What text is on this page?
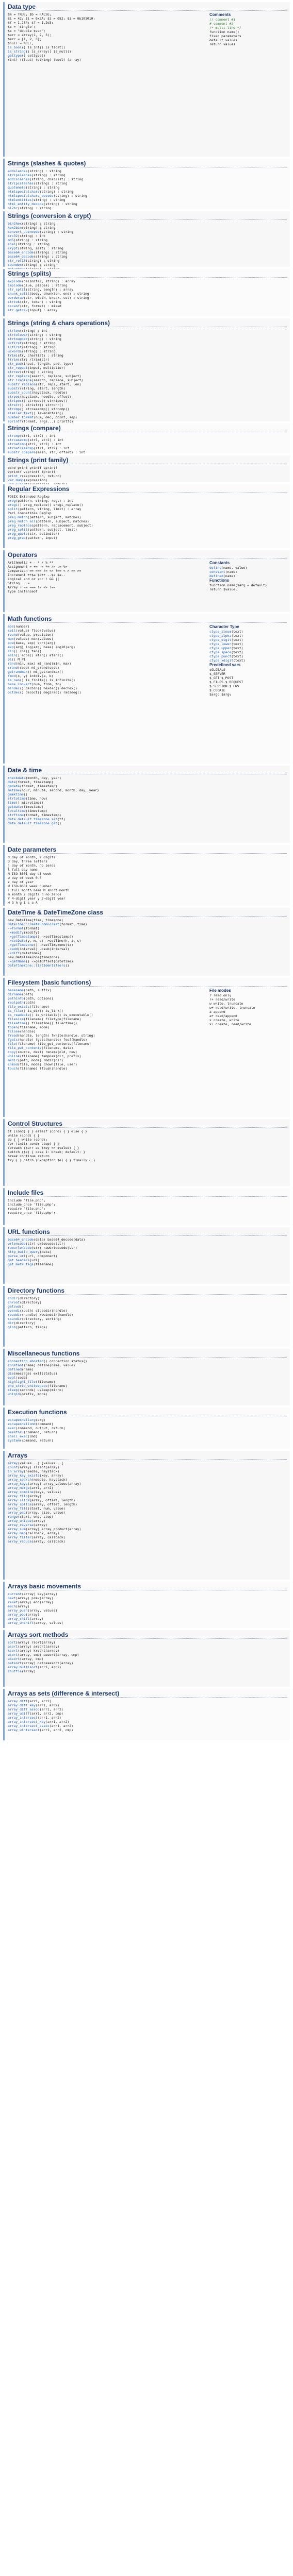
Data type
$a = TRUE; $b = FALSE;
$i = 42; $i = 0x2A; $i = 052; $i = 0b101010;
$f = 1.234; $f = 1.2e3;
$s = 'single';
$s = "double $var";
$arr = array(1, 2, 3);
$arr = [1, 2, 3];
$null = NULL;
is_bool() is_int() is_float()
is_string() is_array() is_null()
gettype() settype()
(int) (float) (string) (bool) (array)
Comments
// comment #1
# comment #2
/* multi-line */
function name()
fixed parameters
default values
return values
Strings (slashes & quotes)
addslashes(string) : string
stripslashes(string) : string
addcslashes(string, charlist) : string
stripcslashes(string) : string
quotemeta(string) : string
htmlspecialchars(string) : string
htmlspecialchars_decode(string) : string
htmlentities(string) : string
html_entity_decode(string) : string
nl2br(string) : string
Strings (conversion & crypt)
bin2hex(string) : string
hex2bin(string) : string
convert_uuencode(string) : string
crc32(string) : int
md5(string) : string
sha1(string) : string
crypt(string, salt) : string
base64_encode(string) : string
base64_decode(string) : string
str_rot13(string) : string
soundex(string) : string
Strings (splits)
explode(delimiter, string) : array
implode(glue, pieces) : string
str_split(string, length) : array
chunk_split(body, chunklen, end) : string
wordwrap(str, width, break, cut) : string
strtok(str, token) : string
sscanf(str, format) : mixed
str_getcsv(input) : array
Strings (string & chars operations)
strlen(string) : int
strtolower(string) : string
strtoupper(string) : string
ucfirst(string) : string
lcfirst(string) : string
ucwords(string) : string
trim(str, charlist) : string
ltrim(str) rtrim(str)
str_pad(input, length, pad, type)
str_repeat(input, multiplier)
strrev(string) : string
str_replace(search, replace, subject)
str_ireplace(search, replace, subject)
substr_replace(str, repl, start, len)
substr(string, start, length)
substr_count(haystack, needle)
strpos(haystack, needle, offset)
stripos() strrpos() strripos()
strstr() stristr() strrchr()
strcmp() strcasecmp() strncmp()
similar_text() levenshtein()
number_format(num, dec, point, sep)
sprintf(format, args...) printf()
Strings (compare)
strcmp(str1, str2) : int
strcasecmp(str1, str2) : int
strnatcmp(str1, str2) : int
strnatcasecmp(str1, str2) : int
substr_compare(main, str, offset) : int
Strings (print family)
echo print printf sprintf
vprintf vsprintf fprintf
print_r(expression, return)
var_dump(expression)
Regular Expressions
POSIX Extended RegExp
ereg(pattern, string, regs) : int
eregi() ereg_replace() eregi_replace()
split(pattern, string, limit) : array
Perl Compatible RegExp
preg_match(pattern, subject, matches)
preg_match_all(pattern, subject, matches)
preg_replace(pattern, replacement, subject)
preg_split(pattern, subject, limit)
preg_quote(str, delimiter)
preg_grep(pattern, input)
Operators
Arithmetic + - * / % **
Assignment = += -= *= /= .= %=
Comparison == === != <> !== < > <= >=
Increment ++$a $a++ --$a $a--
Logical and or xor ! && ||
String . .=
Array + == === != <> !==
Type instanceof
Constants
define(name, value)
constant(name)
defined(name)
Functions
function name($arg = default)
return $value;
Math functions
abs(number)
ceil(value) floor(value)
round(value, precision)
max(values) min(values)
pow(base, exp) sqrt(arg)
exp(arg) log(arg, base) log10(arg)
sin() cos() tan()
asin() acos() atan() atan2()
pi() M_PI
rand(min, max) mt_rand(min, max)
srand(seed) mt_srand(seed)
getrandmax() mt_getrandmax()
fmod(x, y) intdiv(a, b)
is_nan() is_finite() is_infinite()
base_convert(num, from, to)
bindec() decbin() hexdec() dechex()
octdec() decoct() deg2rad() rad2deg()
Character Type
ctype_alnum(text)
ctype_alpha(text)
ctype_digit(text)
ctype_lower(text)
ctype_upper(text)
ctype_space(text)
ctype_punct(text)
ctype_xdigit(text)
Predefined vars
$GLOBALS
$_SERVER
$_GET $_POST
$_FILES $_REQUEST
$_SESSION $_ENV
$_COOKIE
$argc $argv
Date & time
checkdate(month, day, year)
date(format, timestamp)
gmdate(format, timestamp)
mktime(hour, minute, second, month, day, year)
gmmktime()
strtotime(time, now)
time() microtime()
getdate(timestamp)
localtime(timestamp)
strftime(format, timestamp)
date_default_timezone_set(tz)
date_default_timezone_get()
Date parameters
d day of month, 2 digits
D day, three letters
j day of month, no zeros
l full day name
N ISO-8601 day of week
w day of week 0-6
z day of year
W ISO-8601 week number
F full month name M short month
m month 2 digits n no zeros
Y 4-digit year y 2-digit year
H G h g i s a A
DateTime & DateTimeZone class
new DateTime(time, timezone)
DateTime::createFromFormat(format, time)
->format(format)
->modify(modify)
->getTimestamp() ->setTimestamp()
->setDate(y, m, d) ->setTime(h, i, s)
->getTimezone() ->setTimezone(tz)
->add(interval) ->sub(interval)
->diff(datetime2)
new DateTimeZone(timezone)
->getName() ->getOffset(datetime)
DateTimeZone::listIdentifiers()
Filesystem (basic functions)
basename(path, suffix)
dirname(path)
pathinfo(path, options)
realpath(path)
file_exists(filename)
is_file() is_dir() is_link()
is_readable() is_writable() is_executable()
filesize(filename) filetype(filename)
fileatime() filemtime() filectime()
fopen(filename, mode)
fclose(handle)
fread(handle, length) fwrite(handle, string)
fgets(handle) fgetc(handle) feof(handle)
file(filename) file_get_contents(filename)
file_put_contents(filename, data)
copy(source, dest) rename(old, new)
unlink(filename) tempnam(dir, prefix)
mkdir(path, mode) rmdir(dir)
chmod(file, mode) chown(file, user)
touch(filename) fflush(handle)
File modes
r read only
r+ read/write
w write, truncate
w+ read/write, truncate
a append
a+ read/append
x create, write
x+ create, read/write
Control Structures
if (cond) { } elseif (cond) { } else { }
while (cond) { }
do { } while (cond);
for (init; cond; step) { }
foreach ($arr as $key => $value) { }
switch ($x) { case 1: break; default: }
break continue return
try { } catch (Exception $e) { } finally { }
Include files
include 'file.php';
include_once 'file.php';
require 'file.php';
require_once 'file.php';
URL functions
base64_encode(data) base64_decode(data)
urlencode(str) urldecode(str)
rawurlencode(str) rawurldecode(str)
http_build_query(data)
parse_url(url, component)
get_headers(url)
get_meta_tags(filename)
Directory functions
chdir(directory)
chroot(directory)
getcwd()
opendir(path) closedir(handle)
readdir(handle) rewinddir(handle)
scandir(directory, sorting)
dir(directory)
glob(pattern, flags)
Miscellaneous functions
connection_aborted() connection_status()
constant(name) define(name, value)
defined(name)
die(message) exit(status)
eval(code)
highlight_file(filename)
php_strip_whitespace(filename)
sleep(seconds) usleep(micro)
uniqid(prefix, more)
Execution functions
escapeshellarg(arg)
escapeshellcmd(command)
exec(command, output, return)
passthru(command, return)
shell_exec(cmd)
system(command, return)
Arrays
array(values...) [values...]
count(array) sizeof(array)
in_array(needle, haystack)
array_key_exists(key, array)
array_search(needle, haystack)
array_keys(array) array_values(array)
array_merge(arr1, arr2)
array_combine(keys, values)
array_flip(array)
array_slice(array, offset, length)
array_splice(array, offset, length)
array_fill(start, num, value)
array_pad(array, size, value)
range(start, end, step)
array_unique(array)
array_reverse(array)
array_sum(array) array_product(array)
array_map(callback, array)
array_filter(array, callback)
array_reduce(array, callback)
Arrays basic movements
current(array) key(array)
next(array) prev(array)
reset(array) end(array)
each(array)
array_push(array, values)
array_pop(array)
array_shift(array)
array_unshift(array, values)
Arrays sort methods
sort(array) rsort(array)
asort(array) arsort(array)
ksort(array) krsort(array)
usort(array, cmp) uasort(array, cmp)
uksort(array, cmp)
natsort(array) natcasesort(array)
array_multisort(arr1, arr2)
shuffle(array)
Arrays as sets (difference & intersect)
array_diff(arr1, arr2)
array_diff_key(arr1, arr2)
array_diff_assoc(arr1, arr2)
array_udiff(arr1, arr2, cmp)
array_intersect(arr1, arr2)
array_intersect_key(arr1, arr2)
array_intersect_assoc(arr1, arr2)
array_uintersect(arr1, arr2, cmp)
